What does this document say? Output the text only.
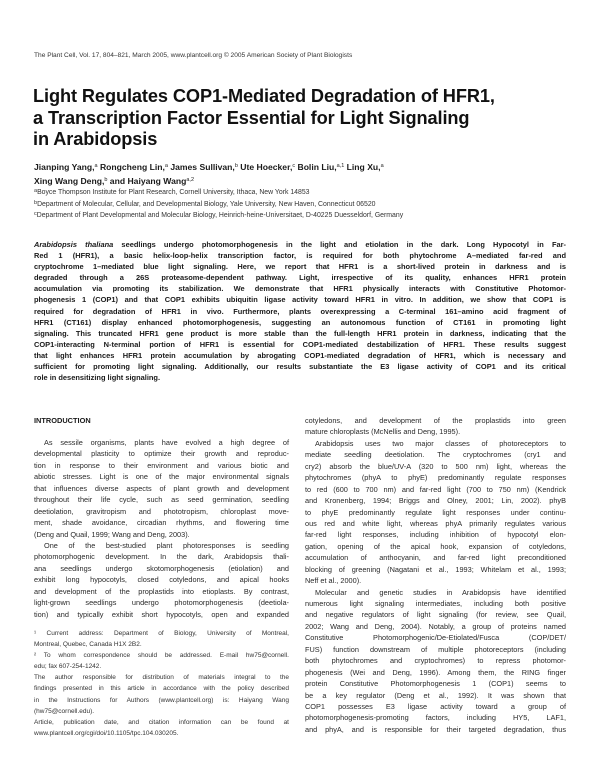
The Plant Cell, Vol. 17, 804–821, March 2005, www.plantcell.org © 2005 American Society of Plant Biologists
Light Regulates COP1-Mediated Degradation of HFR1,
a Transcription Factor Essential for Light Signaling
in Arabidopsis
Jianping Yang,$^a$ Rongcheng Lin,$^a$ James Sullivan,$^b$ Ute Hoecker,$^c$ Bolin Liu,$^{a,1}$ Ling Xu,$^a$
Xing Wang Deng,$^b$ and Haiyang Wang$^{a,2}$
$^a$Boyce Thompson Institute for Plant Research, Cornell University, Ithaca, New York 14853
$^b$Department of Molecular, Cellular, and Developmental Biology, Yale University, New Haven, Connecticut 06520
$^c$Department of Plant Developmental and Molecular Biology, Heinrich-heine-Universitaet, D-40225 Duesseldorf, Germany
Arabidopsis thaliana seedlings undergo photomorphogenesis in the light and etiolation in the dark. Long Hypocotyl in Far-
Red 1 (HFR1), a basic helix-loop-helix transcription factor, is required for both phytochrome A–mediated far-red and
cryptochrome 1–mediated blue light signaling. Here, we report that HFR1 is a short-lived protein in darkness and is
degraded through a 26S proteasome-dependent pathway. Light, irrespective of its quality, enhances HFR1 protein
accumulation via promoting its stabilization. We demonstrate that HFR1 physically interacts with Constitutive Photomor-
phogenesis 1 (COP1) and that COP1 exhibits ubiquitin ligase activity toward HFR1 in vitro. In addition, we show that COP1 is
required for degradation of HFR1 in vivo. Furthermore, plants overexpressing a C-terminal 161–amino acid fragment of
HFR1 (CT161) display enhanced photomorphogenesis, suggesting an autonomous function of CT161 in promoting light
signaling. This truncated HFR1 gene product is more stable than the full-length HFR1 protein in darkness, indicating that the
COP1-interacting N-terminal portion of HFR1 is essential for COP1-mediated destabilization of HFR1. These results suggest
that light enhances HFR1 protein accumulation by abrogating COP1-mediated degradation of HFR1, which is necessary and
sufficient for promoting light signaling. Additionally, our results substantiate the E3 ligase activity of COP1 and its critical
role in desensitizing light signaling.
INTRODUCTION
As sessile organisms, plants have evolved a high degree of
developmental plasticity to optimize their growth and reproduc-
tion in response to their environment and various biotic and
abiotic stresses. Light is one of the major environmental signals
that influences diverse aspects of plant growth and development
throughout their life cycle, such as seed germination, seedling
deetiolation, gravitropism and phototropism, chloroplast move-
ment, shade avoidance, circadian rhythms, and flowering time
(Deng and Quail, 1999; Wang and Deng, 2003).
One of the best-studied plant photoresponses is seedling
photomorphogenic development. In the dark, Arabidopsis thali-
ana seedlings undergo skotomorphogenesis (etiolation) and
exhibit long hypocotyls, closed cotyledons, and apical hooks
and development of the proplastids into etioplasts. By contrast,
light-grown seedlings undergo photomorphogenesis (deetiola-
tion) and typically exhibit short hypocotyls, open and expanded
¹ Current address: Department of Biology, University of Montreal,
Montreal, Quebec, Canada H1X 2B2.
² To whom correspondence should be addressed. E-mail hw75@cornell.
edu; fax 607-254-1242.
The author responsible for distribution of materials integral to the
findings presented in this article in accordance with the policy described
in the Instructions for Authors (www.plantcell.org) is: Haiyang Wang
(hw75@cornell.edu).
Article, publication date, and citation information can be found at
www.plantcell.org/cgi/doi/10.1105/tpc.104.030205.
cotyledons, and development of the proplastids into green
mature chloroplasts (McNellis and Deng, 1995).
Arabidopsis uses two major classes of photoreceptors to
mediate seedling deetiolation. The cryptochromes (cry1 and
cry2) absorb the blue/UV-A (320 to 500 nm) light, whereas the
phytochromes (phyA to phyE) predominantly regulate responses
to red (600 to 700 nm) and far-red light (700 to 750 nm) (Kendrick
and Kronenberg, 1994; Briggs and Olney, 2001; Lin, 2002). phyB
to phyE predominantly regulate light responses under continu-
ous red and white light, whereas phyA primarily regulates various
far-red light responses, including inhibition of hypocotyl elon-
gation, opening of the apical hook, expansion of cotyledons,
accumulation of anthocyanin, and far-red light preconditioned
blocking of greening (Nagatani et al., 1993; Whitelam et al., 1993;
Neff et al., 2000).
Molecular and genetic studies in Arabidopsis have identified
numerous light signaling intermediates, including both positive
and negative regulators of light signaling (for review, see Quail,
2002; Wang and Deng, 2004). Notably, a group of proteins named
Constitutive Photomorphogenic/De-Etiolated/Fusca (COP/DET/
FUS) function downstream of multiple photoreceptors (including
both phytochromes and cryptochromes) to repress photomor-
phogenesis (Wei and Deng, 1996). Among them, the RING finger
protein Constitutive Photomorphogenesis 1 (COP1) seems to
be a key regulator (Deng et al., 1992). It was shown that
COP1 possesses E3 ligase activity toward a group of
photomorphogenesis-promoting factors, including HY5, LAF1,
and phyA, and is responsible for their targeted degradation, thus
